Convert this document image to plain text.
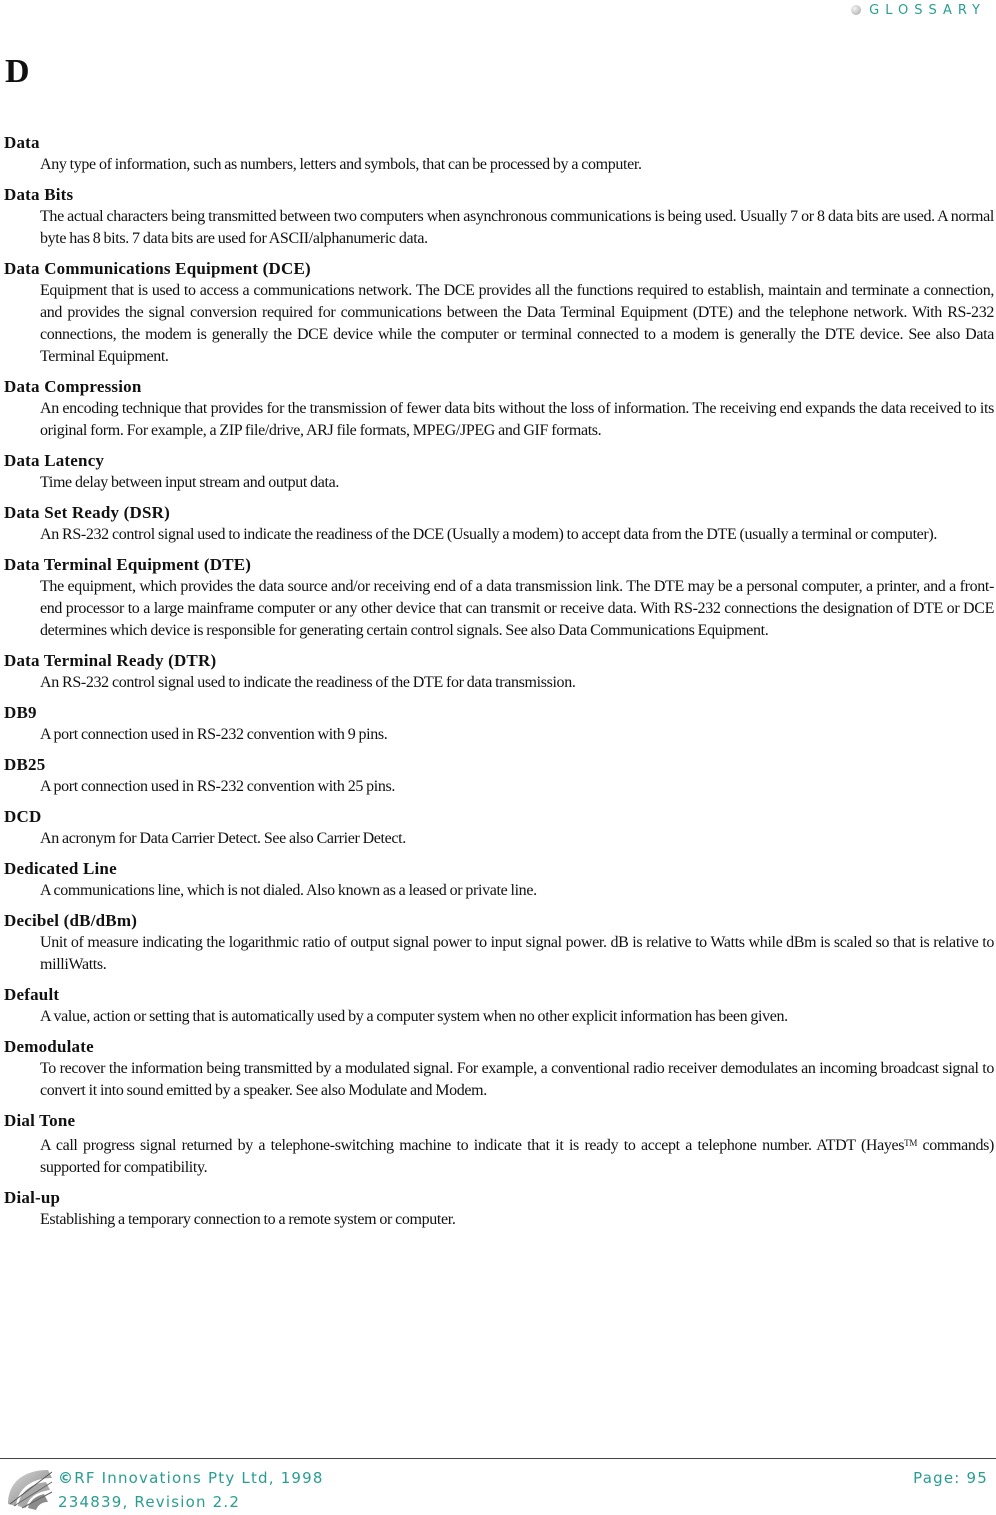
GLOSSARY
D
Data
Any type of information, such as numbers, letters and symbols, that can be processed by a computer.
Data Bits
The actual characters being transmitted between two computers when asynchronous communications is being used. Usually 7 or 8 data bits are used. A normal byte has 8 bits. 7 data bits are used for ASCII/alphanumeric data.
Data Communications Equipment (DCE)
Equipment that is used to access a communications network. The DCE provides all the functions required to establish, maintain and terminate a connection, and provides the signal conversion required for communications between the Data Terminal Equipment (DTE) and the telephone network. With RS-232 connections, the modem is generally the DCE device while the computer or terminal connected to a modem is generally the DTE device. See also Data Terminal Equipment.
Data Compression
An encoding technique that provides for the transmission of fewer data bits without the loss of information. The receiving end expands the data received to its original form. For example, a ZIP file/drive, ARJ file formats, MPEG/JPEG and GIF formats.
Data Latency
Time delay between input stream and output data.
Data Set Ready (DSR)
An RS-232 control signal used to indicate the readiness of the DCE (Usually a modem) to accept data from the DTE (usually a terminal or computer).
Data Terminal Equipment (DTE)
The equipment, which provides the data source and/or receiving end of a data transmission link. The DTE may be a personal computer, a printer, and a front-end processor to a large mainframe computer or any other device that can transmit or receive data. With RS-232 connections the designation of DTE or DCE determines which device is responsible for generating certain control signals. See also Data Communications Equipment.
Data Terminal Ready (DTR)
An RS-232 control signal used to indicate the readiness of the DTE for data transmission.
DB9
A port connection used in RS-232 convention with 9 pins.
DB25
A port connection used in RS-232 convention with 25 pins.
DCD
An acronym for Data Carrier Detect. See also Carrier Detect.
Dedicated Line
A communications line, which is not dialed. Also known as a leased or private line.
Decibel (dB/dBm)
Unit of measure indicating the logarithmic ratio of output signal power to input signal power. dB is relative to Watts while dBm is scaled so that is relative to milliWatts.
Default
A value, action or setting that is automatically used by a computer system when no other explicit information has been given.
Demodulate
To recover the information being transmitted by a modulated signal. For example, a conventional radio receiver demodulates an incoming broadcast signal to convert it into sound emitted by a speaker. See also Modulate and Modem.
Dial Tone
A call progress signal returned by a telephone-switching machine to indicate that it is ready to accept a telephone number. ATDT (Hayes™ commands) supported for compatibility.
Dial-up
Establishing a temporary connection to a remote system or computer.
©RF Innovations Pty Ltd, 1998
234839, Revision 2.2
Page: 95
